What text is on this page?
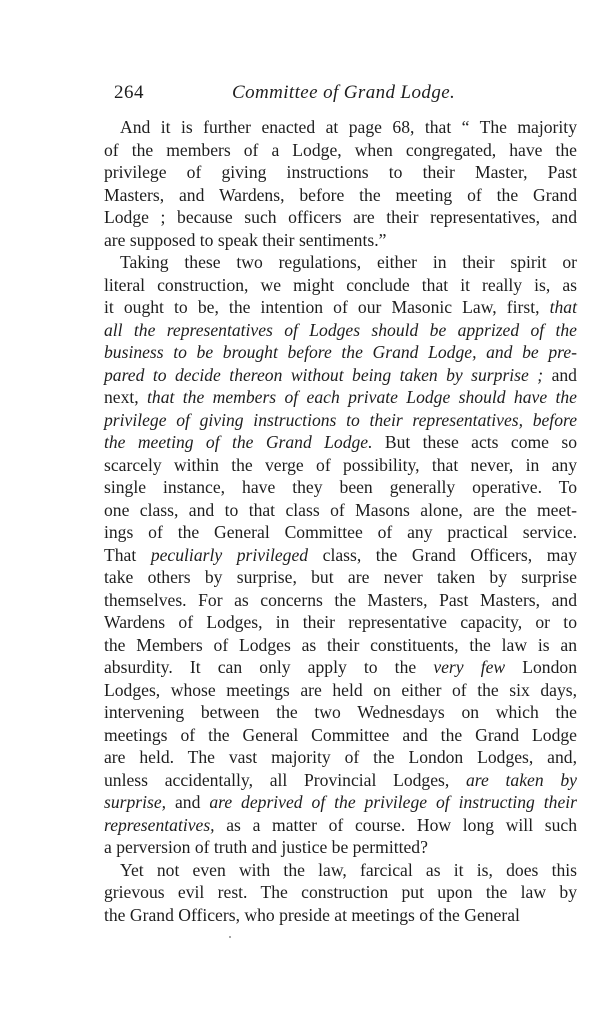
264	Committee of Grand Lodge.
And it is further enacted at page 68, that “ The majority
of the members of a Lodge, when congregated, have the
privilege of giving instructions to their Master, Past
Masters, and Wardens, before the meeting of the Grand
Lodge ; because such officers are their representatives, and
are supposed to speak their sentiments.”
Taking these two regulations, either in their spirit or
literal construction, we might conclude that it really is, as
it ought to be, the intention of our Masonic Law, first, that
all the representatives of Lodges should be apprized of the
business to be brought before the Grand Lodge, and be pre-
pared to decide thereon without being taken by surprise ; and
next, that the members of each private Lodge should have the
privilege of giving instructions to their representatives, before
the meeting of the Grand Lodge. But these acts come so
scarcely within the verge of possibility, that never, in any
single instance, have they been generally operative. To
one class, and to that class of Masons alone, are the meet-
ings of the General Committee of any practical service.
That peculiarly privileged class, the Grand Officers, may
take others by surprise, but are never taken by surprise
themselves. For as concerns the Masters, Past Masters, and
Wardens of Lodges, in their representative capacity, or to
the Members of Lodges as their constituents, the law is an
absurdity. It can only apply to the very few London
Lodges, whose meetings are held on either of the six days,
intervening between the two Wednesdays on which the
meetings of the General Committee and the Grand Lodge
are held. The vast majority of the London Lodges, and,
unless accidentally, all Provincial Lodges, are taken by
surprise, and are deprived of the privilege of instructing their
representatives, as a matter of course. How long will such
a perversion of truth and justice be permitted?
Yet not even with the law, farcical as it is, does this
grievous evil rest. The construction put upon the law by
the Grand Officers, who preside at meetings of the General
